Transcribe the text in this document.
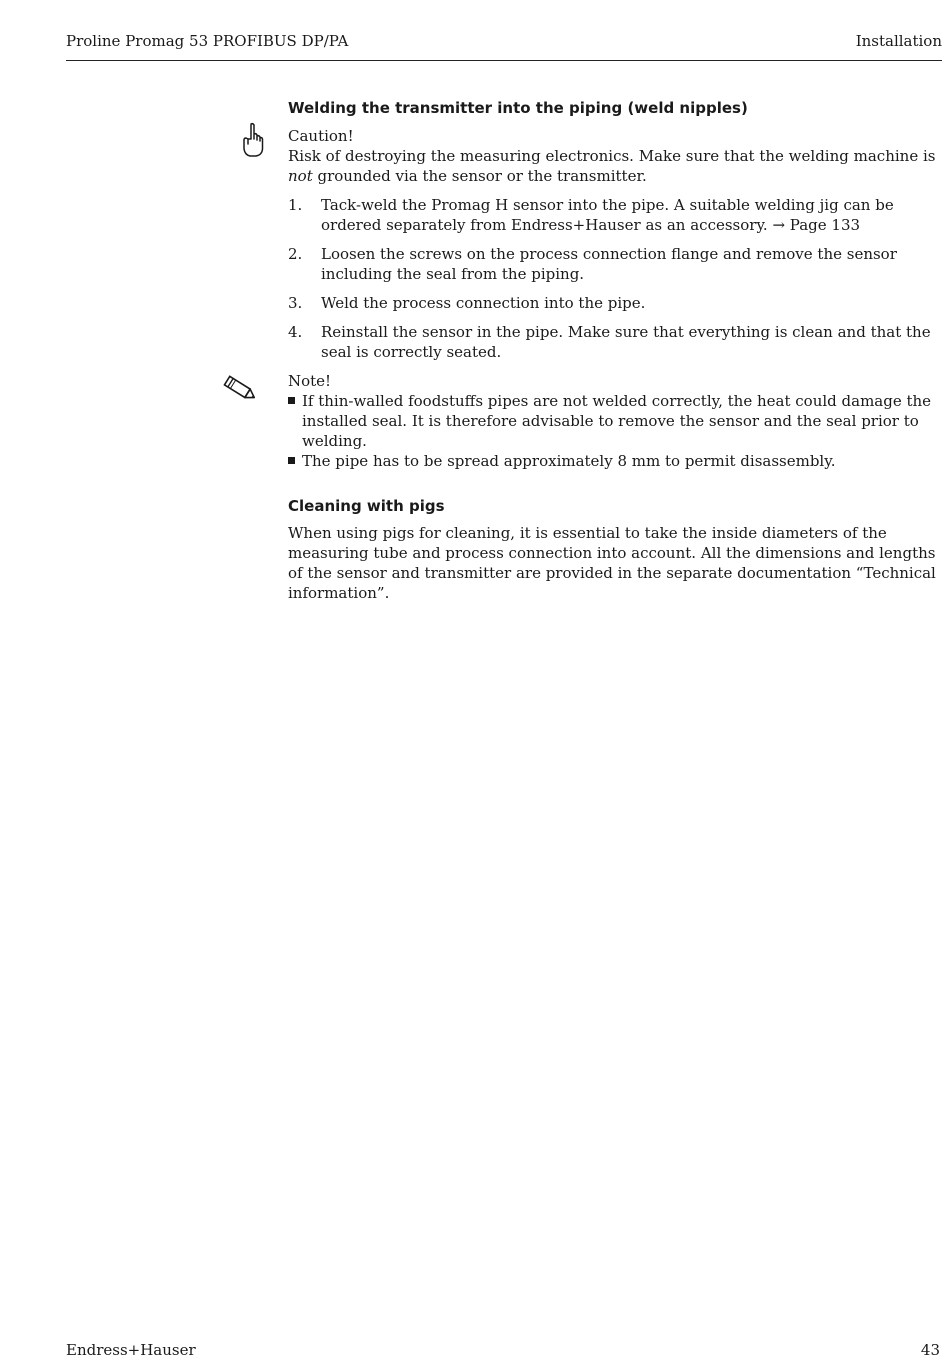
Proline Promag 53 PROFIBUS DP/PA	Installation
Welding the transmitter into the piping (weld nipples)

Caution!

Risk of destroying the measuring electronics. Make sure that the welding machine is not grounded via the sensor or the transmitter.

1. Tack-weld the Promag H sensor into the pipe. A suitable welding jig can be ordered separately from Endress+Hauser as an accessory. → Page 133
2. Loosen the screws on the process connection flange and remove the sensor including the seal from the piping.
3. Weld the process connection into the pipe.
4. Reinstall the sensor in the pipe. Make sure that everything is clean and that the seal is correctly seated.

Note!

If thin-walled foodstuffs pipes are not welded correctly, the heat could damage the installed seal. It is therefore advisable to remove the sensor and the seal prior to welding.
The pipe has to be spread approximately 8 mm to permit disassembly.
Cleaning with pigs

When using pigs for cleaning, it is essential to take the inside diameters of the measuring tube and process connection into account. All the dimensions and lengths of the sensor and transmitter are provided in the separate documentation “Technical information”.

Endress+Hauser	43
